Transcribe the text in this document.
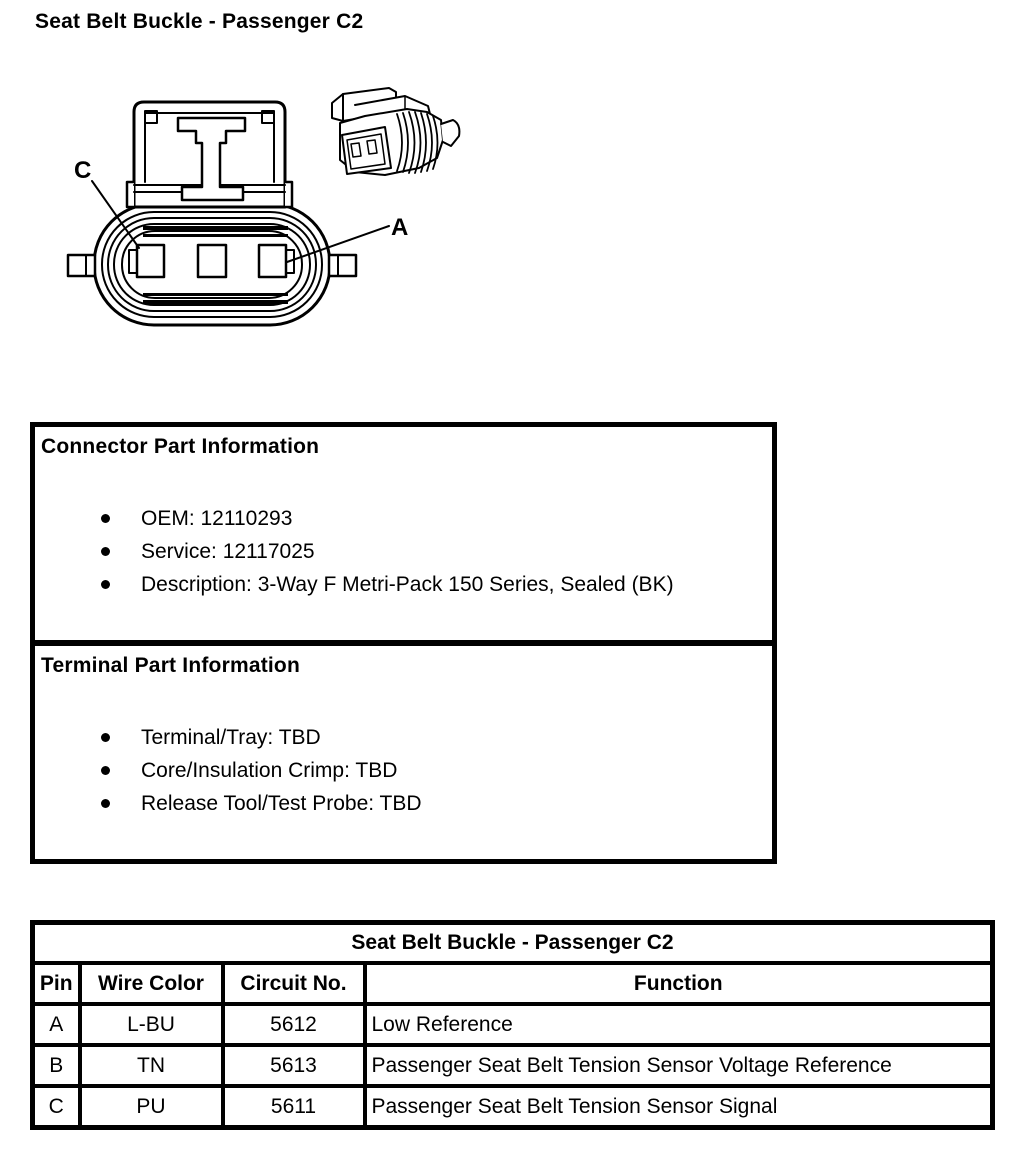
Seat Belt Buckle - Passenger C2
C
A
Connector Part Information
OEM: 12110293
Service: 12117025
Description: 3-Way F Metri-Pack 150 Series, Sealed (BK)
Terminal Part Information
Terminal/Tray: TBD
Core/Insulation Crimp: TBD
Release Tool/Test Probe: TBD
Seat Belt Buckle - Passenger C2			
Pin	Wire Color	Circuit No.	Function
A	L-BU	5612	Low Reference
B	TN	5613	Passenger Seat Belt Tension Sensor Voltage Reference
C	PU	5611	Passenger Seat Belt Tension Sensor Signal
